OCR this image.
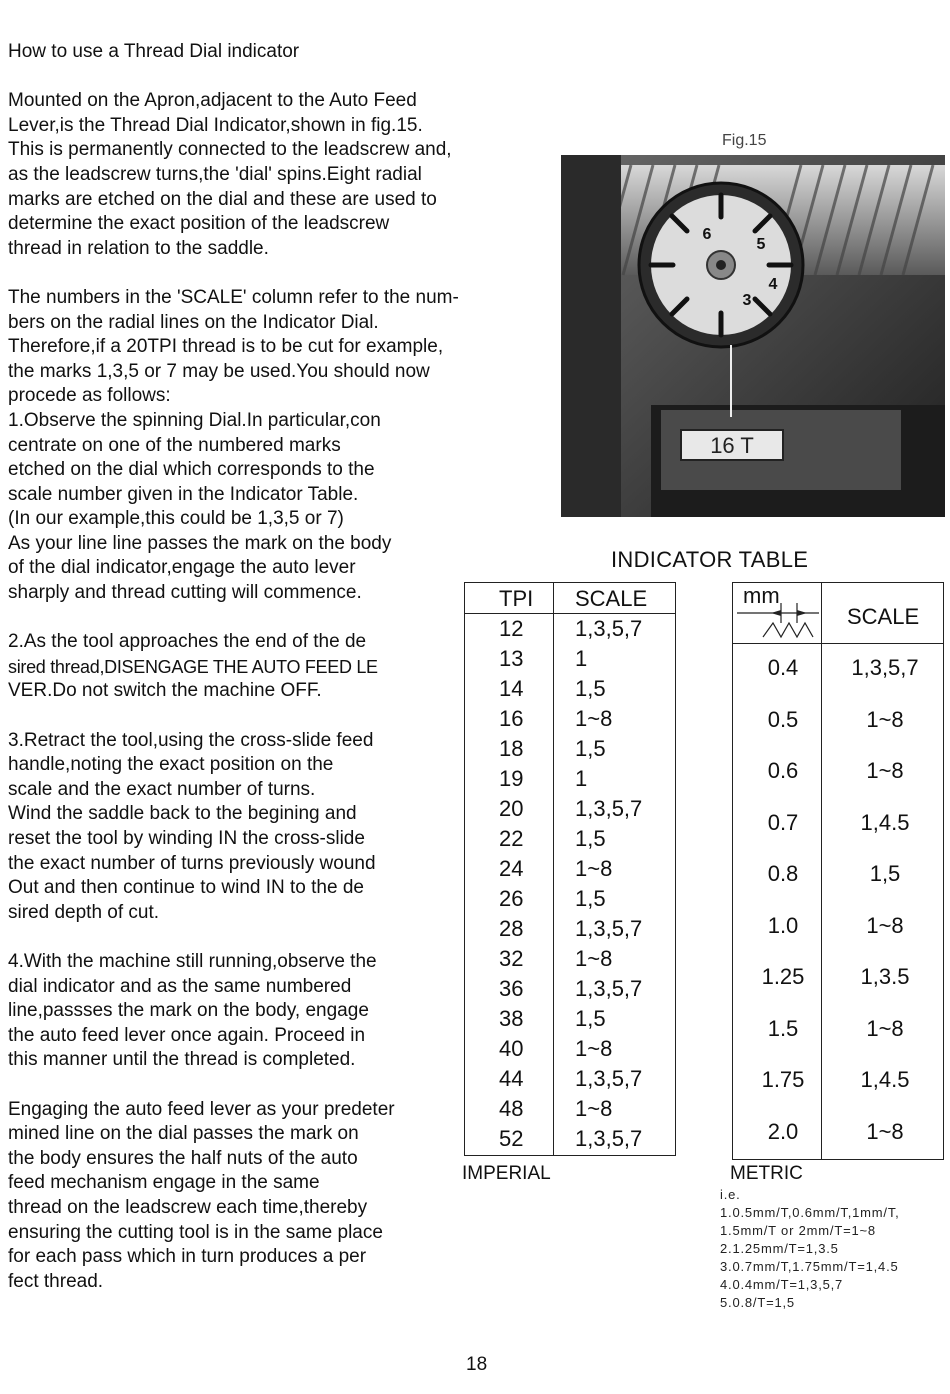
How to use a Thread Dial indicator
Mounted on the Apron,adjacent to the Auto Feed
Lever,is the Thread Dial Indicator,shown in fig.15.
This is permanently connected to the leadscrew and,
as the leadscrew turns,the 'dial' spins.Eight radial
marks are etched on the dial and these are used to
determine the exact position of the leadscrew
thread in relation to the saddle.
The numbers in the 'SCALE' column refer to the num-
bers on the radial lines on the Indicator Dial.
Therefore,if a 20TPI thread is to be cut for example,
the marks 1,3,5 or 7 may be used.You should now
procede as follows:
1.Observe the spinning Dial.In particular,con
centrate on one of the numbered marks
etched on the dial which corresponds to the
scale number given in the Indicator Table.
(In our example,this could be 1,3,5 or 7)
As your line line passes the mark on the body
of the dial indicator,engage the auto lever
sharply and thread cutting will commence.
2.As the tool approaches the end of the de
sired thread,DISENGAGE THE AUTO FEED LE
VER.Do not switch the machine OFF.
3.Retract the tool,using the cross-slide feed
handle,noting the exact position on the
scale and the exact number of turns.
Wind the saddle back to the begining and
reset the tool by winding IN the cross-slide
the exact number of turns previously wound
Out and then continue to wind IN to the de
sired depth of cut.
4.With the machine still running,observe the
dial indicator and as the same numbered
line,passses the mark on the body, engage
the auto feed lever once again. Proceed in
this manner until the thread is completed.
Engaging the auto feed lever as your predeter
mined line on the dial passes the mark on
the body ensures the half nuts of the auto
feed mechanism engage in the same
thread on the leadscrew each time,thereby
ensuring the cutting tool is in the same place
for each pass which in turn produces a per
fect thread.
Fig.15
6
5
4
3
16 T
INDICATOR TABLE
TPI SCALE
12 1,3,5,7
13 1
14 1,5
16 1~8
18 1,5
19 1
20 1,3,5,7
22 1,5
24 1~8
26 1,5
28 1,3,5,7
32 1~8
36 1,3,5,7
38 1,5
40 1~8
44 1,3,5,7
48 1~8
52 1,3,5,7
IMPERIAL
mm
SCALE
0.4	1,3,5,7
0.5	1~8
0.6	1~8
0.7	1,4.5
0.8	1,5
1.0	1~8
1.25	1,3.5
1.5	1~8
1.75	1,4.5
2.0	1~8
METRIC
i.e.
1.0.5mm/T,0.6mm/T,1mm/T,
1.5mm/T or 2mm/T=1~8
2.1.25mm/T=1,3.5
3.0.7mm/T,1.75mm/T=1,4.5
4.0.4mm/T=1,3,5,7
5.0.8/T=1,5
18
